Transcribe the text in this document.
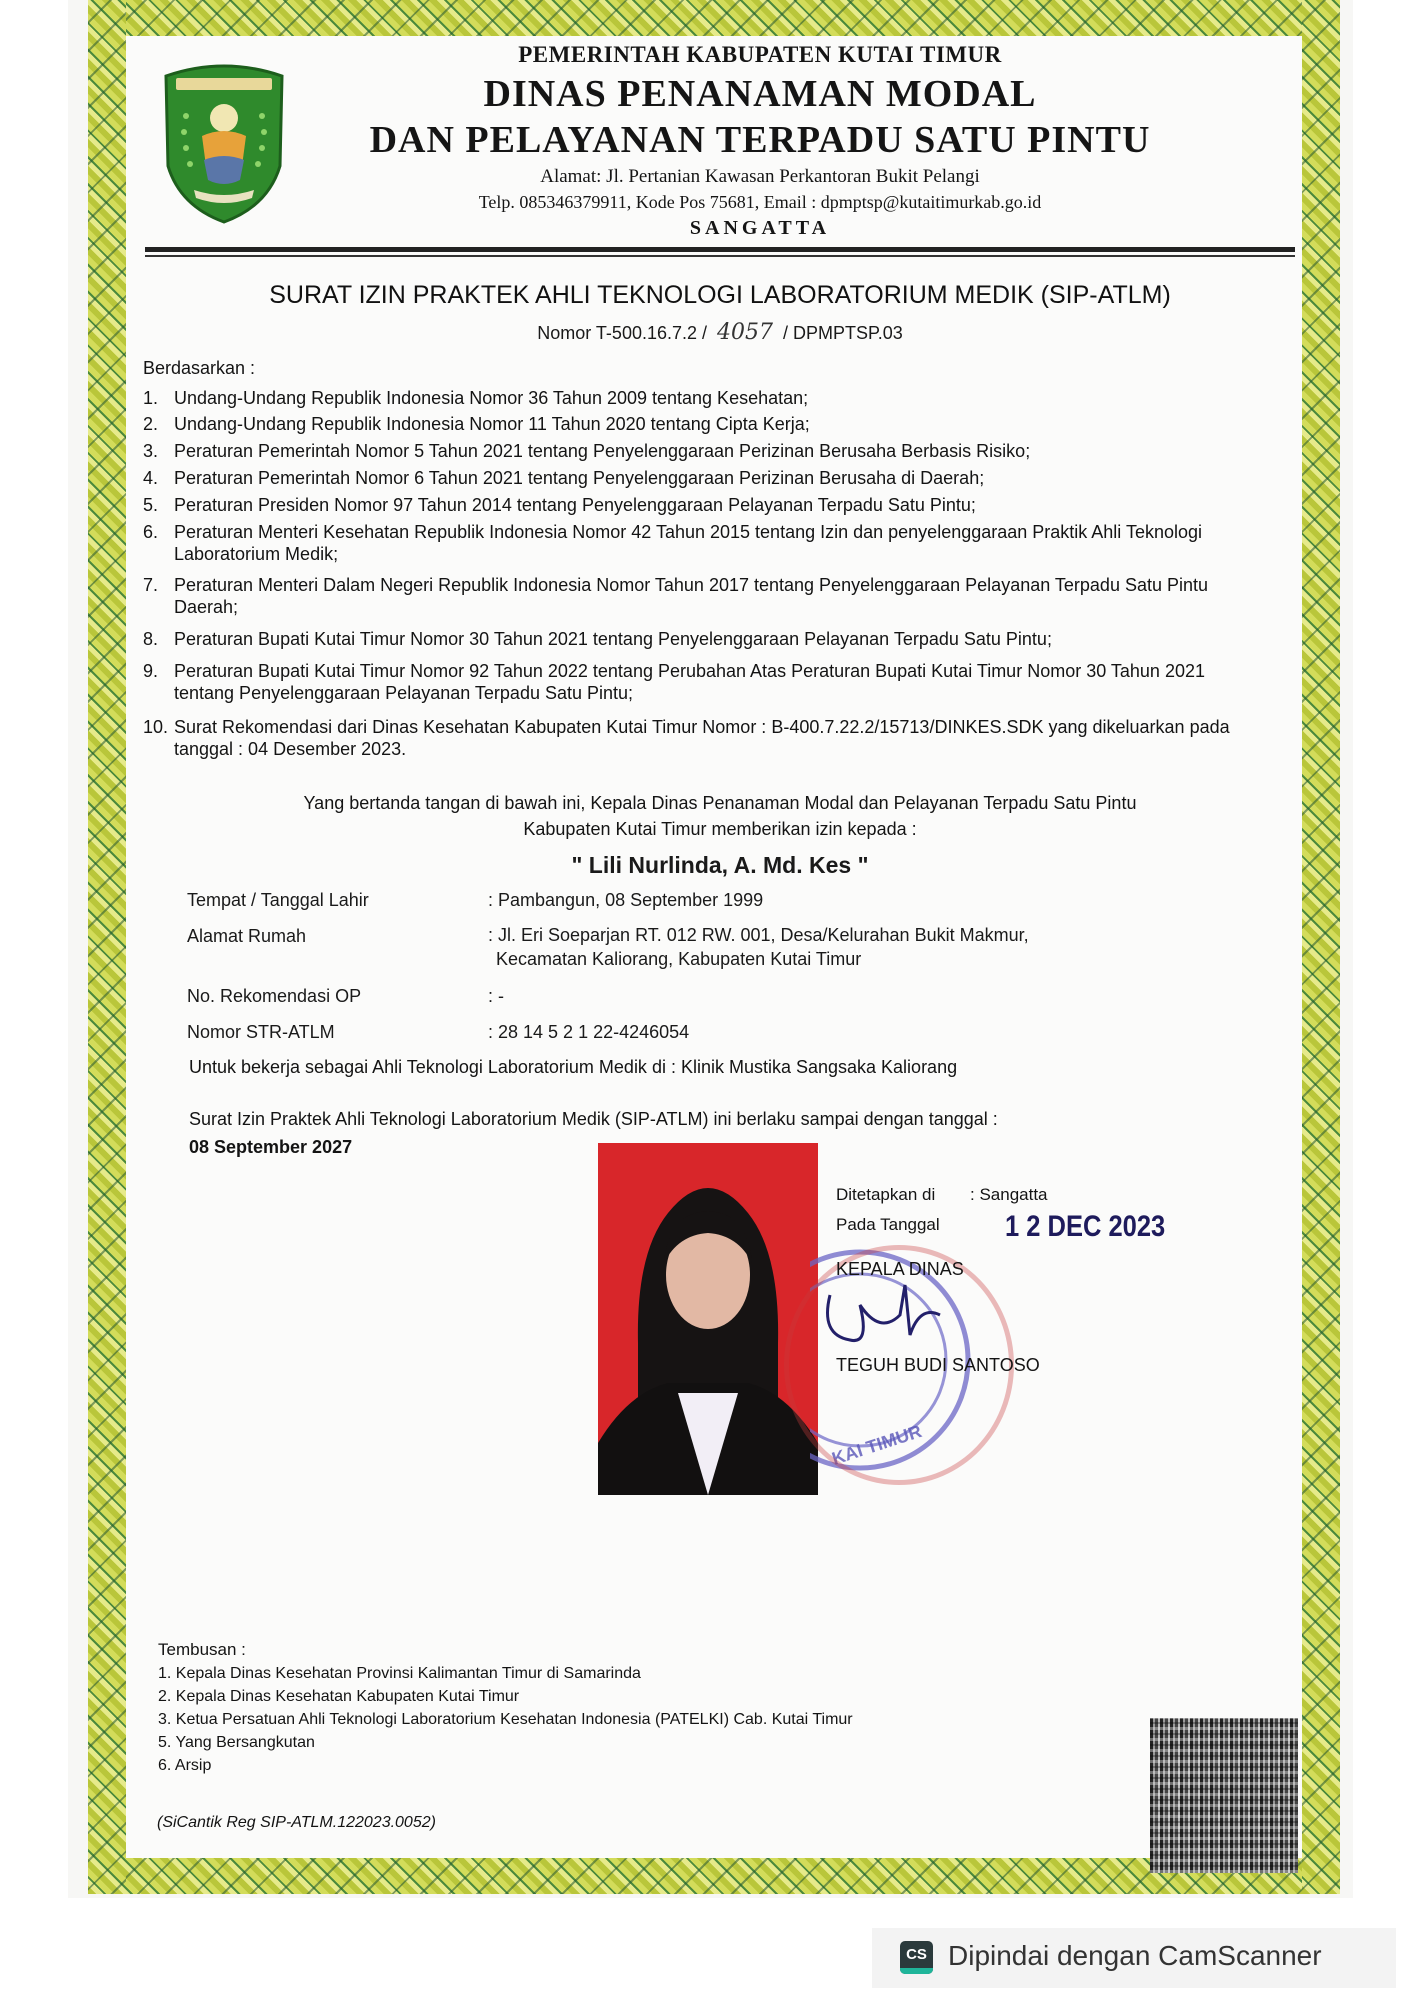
PEMERINTAH KABUPATEN KUTAI TIMUR
DINAS PENANAMAN MODAL
DAN PELAYANAN TERPADU SATU PINTU
Alamat: Jl. Pertanian Kawasan Perkantoran Bukit Pelangi
Telp. 085346379911, Kode Pos 75681, Email : dpmptsp@kutaitimurkab.go.id
SANGATTA
SURAT IZIN PRAKTEK AHLI TEKNOLOGI LABORATORIUM MEDIK (SIP-ATLM)
Nomor T-500.16.7.2 / 4057 / DPMPTSP.03
Berdasarkan :
1. Undang-Undang Republik Indonesia Nomor 36 Tahun 2009 tentang Kesehatan;
2. Undang-Undang Republik Indonesia Nomor 11 Tahun 2020 tentang Cipta Kerja;
3. Peraturan Pemerintah Nomor 5 Tahun 2021 tentang Penyelenggaraan Perizinan Berusaha Berbasis Risiko;
4. Peraturan Pemerintah Nomor 6 Tahun 2021 tentang Penyelenggaraan Perizinan Berusaha di Daerah;
5. Peraturan Presiden Nomor 97 Tahun 2014 tentang Penyelenggaraan Pelayanan Terpadu Satu Pintu;
6. Peraturan Menteri Kesehatan Republik Indonesia Nomor 42 Tahun 2015 tentang Izin dan penyelenggaraan Praktik Ahli Teknologi Laboratorium Medik;
7. Peraturan Menteri Dalam Negeri Republik Indonesia Nomor Tahun 2017 tentang Penyelenggaraan Pelayanan Terpadu Satu Pintu Daerah;
8. Peraturan Bupati Kutai Timur Nomor 30 Tahun 2021 tentang Penyelenggaraan Pelayanan Terpadu Satu Pintu;
9. Peraturan Bupati Kutai Timur Nomor 92 Tahun 2022 tentang Perubahan Atas Peraturan Bupati Kutai Timur Nomor 30 Tahun 2021 tentang Penyelenggaraan Pelayanan Terpadu Satu Pintu;
10. Surat Rekomendasi dari Dinas Kesehatan Kabupaten Kutai Timur Nomor : B-400.7.22.2/15713/DINKES.SDK yang dikeluarkan pada tanggal : 04 Desember 2023.
Yang bertanda tangan di bawah ini, Kepala Dinas Penanaman Modal dan Pelayanan Terpadu Satu Pintu
Kabupaten Kutai Timur memberikan izin kepada :
" Lili Nurlinda, A. Md. Kes "
Tempat / Tanggal Lahir	: Pambangun, 08 September 1999
Alamat Rumah	: Jl. Eri Soeparjan RT. 012 RW. 001, Desa/Kelurahan Bukit Makmur,
Kecamatan Kaliorang, Kabupaten Kutai Timur
No. Rekomendasi OP	: -
Nomor STR-ATLM	: 28 14 5 2 1 22-4246054
Untuk bekerja sebagai Ahli Teknologi Laboratorium Medik di : Klinik Mustika Sangsaka Kaliorang
Surat Izin Praktek Ahli Teknologi Laboratorium Medik (SIP-ATLM) ini berlaku sampai dengan tanggal :
08 September 2027
KAI TIMUR
Ditetapkan di : Sangatta
Pada Tanggal 1 2 DEC 2023
KEPALA DINAS
TEGUH BUDI SANTOSO
Tembusan :
1. Kepala Dinas Kesehatan Provinsi Kalimantan Timur di Samarinda
2. Kepala Dinas Kesehatan Kabupaten Kutai Timur
3. Ketua Persatuan Ahli Teknologi Laboratorium Kesehatan Indonesia (PATELKI) Cab. Kutai Timur
5. Yang Bersangkutan
6. Arsip
(SiCantik Reg SIP-ATLM.122023.0052)
CS Dipindai dengan CamScanner
